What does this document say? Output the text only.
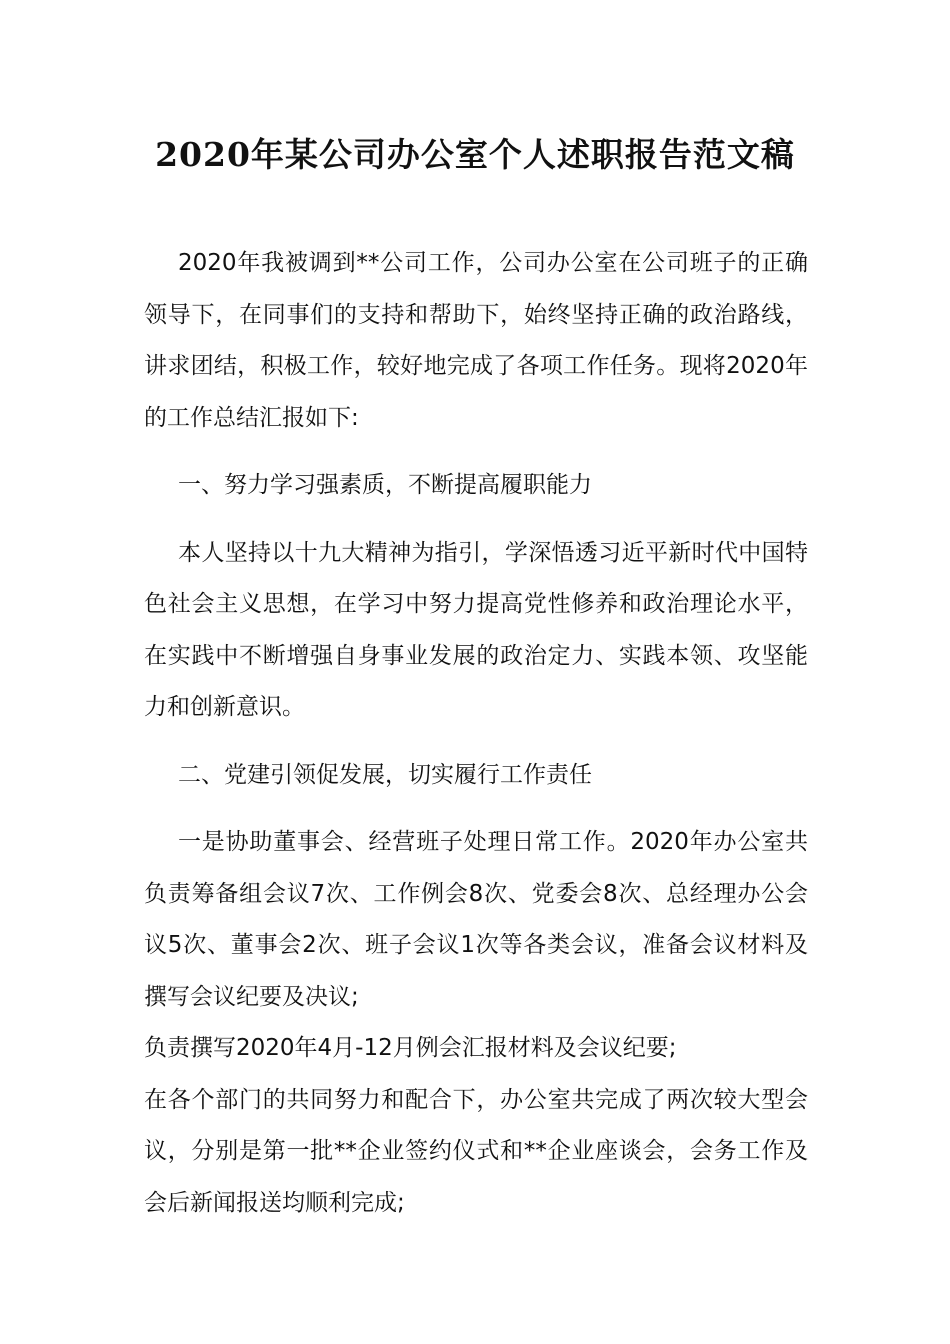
2020年某公司办公室个人述职报告范文稿

2020年我被调到**公司工作，公司办公室在公司班子的正确领导下，在同事们的支持和帮助下，始终坚持正确的政治路线，讲求团结，积极工作，较好地完成了各项工作任务。现将2020年的工作总结汇报如下:

一、努力学习强素质，不断提高履职能力

本人坚持以十九大精神为指引，学深悟透习近平新时代中国特色社会主义思想，在学习中努力提高党性修养和政治理论水平，在实践中不断增强自身事业发展的政治定力、实践本领、攻坚能力和创新意识。

二、党建引领促发展，切实履行工作责任

一是协助董事会、经营班子处理日常工作。2020年办公室共负责筹备组会议7次、工作例会8次、党委会8次、总经理办公会议5次、董事会2次、班子会议1次等各类会议，准备会议材料及撰写会议纪要及决议;

负责撰写2020年4月-12月例会汇报材料及会议纪要;

在各个部门的共同努力和配合下，办公室共完成了两次较大型会议，分别是第一批**企业签约仪式和**企业座谈会，会务工作及会后新闻报送均顺利完成;
